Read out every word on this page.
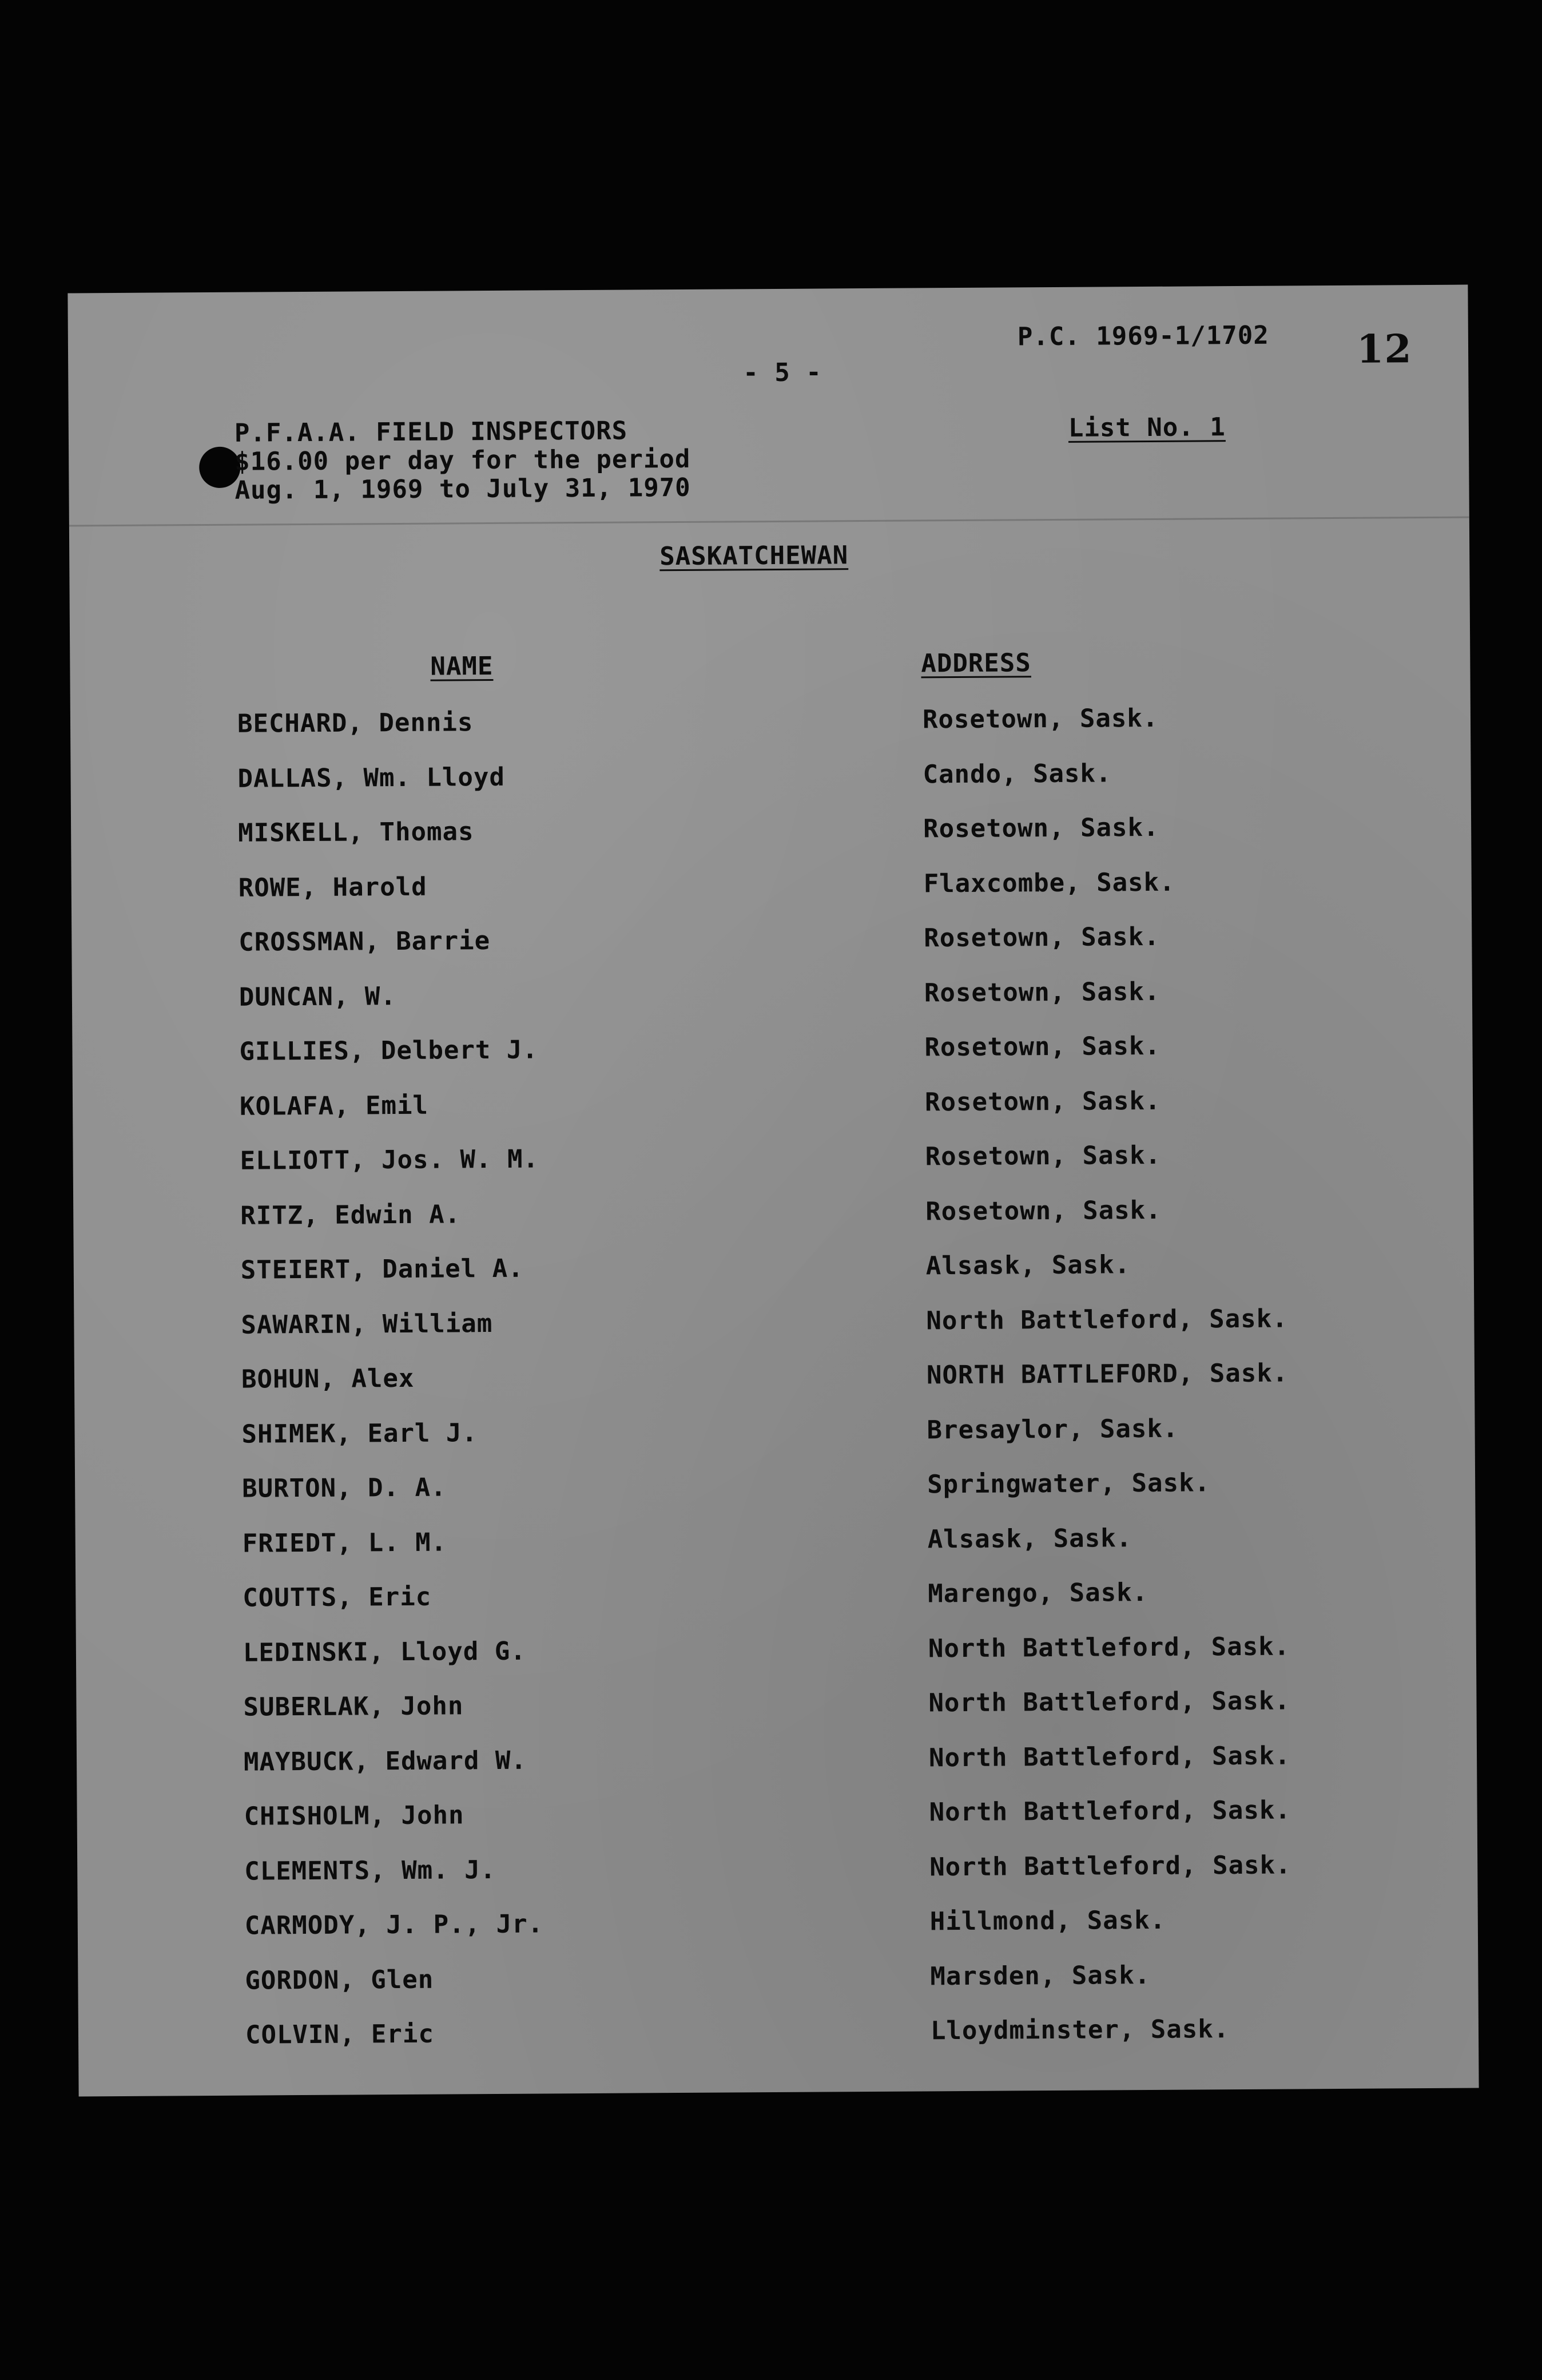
P.C. 1969-1/1702
- 5 -
12
P.F.A.A. FIELD INSPECTORS
$16.00 per day for the period
Aug. 1, 1969 to July 31, 1970
List No. 1
SASKATCHEWAN
NAME	ADDRESS
BECHARD, Dennis	Rosetown, Sask.
DALLAS, Wm. Lloyd	Cando, Sask.
MISKELL, Thomas	Rosetown, Sask.
ROWE, Harold	Flaxcombe, Sask.
CROSSMAN, Barrie	Rosetown, Sask.
DUNCAN, W.	Rosetown, Sask.
GILLIES, Delbert J.	Rosetown, Sask.
KOLAFA, Emil	Rosetown, Sask.
ELLIOTT, Jos. W. M.	Rosetown, Sask.
RITZ, Edwin A.	Rosetown, Sask.
STEIERT, Daniel A.	Alsask, Sask.
SAWARIN, William	North Battleford, Sask.
BOHUN, Alex	NORTH BATTLEFORD, Sask.
SHIMEK, Earl J.	Bresaylor, Sask.
BURTON, D. A.	Springwater, Sask.
FRIEDT, L. M.	Alsask, Sask.
COUTTS, Eric	Marengo, Sask.
LEDINSKI, Lloyd G.	North Battleford, Sask.
SUBERLAK, John	North Battleford, Sask.
MAYBUCK, Edward W.	North Battleford, Sask.
CHISHOLM, John	North Battleford, Sask.
CLEMENTS, Wm. J.	North Battleford, Sask.
CARMODY, J. P., Jr.	Hillmond, Sask.
GORDON, Glen	Marsden, Sask.
COLVIN, Eric	Lloydminster, Sask.
